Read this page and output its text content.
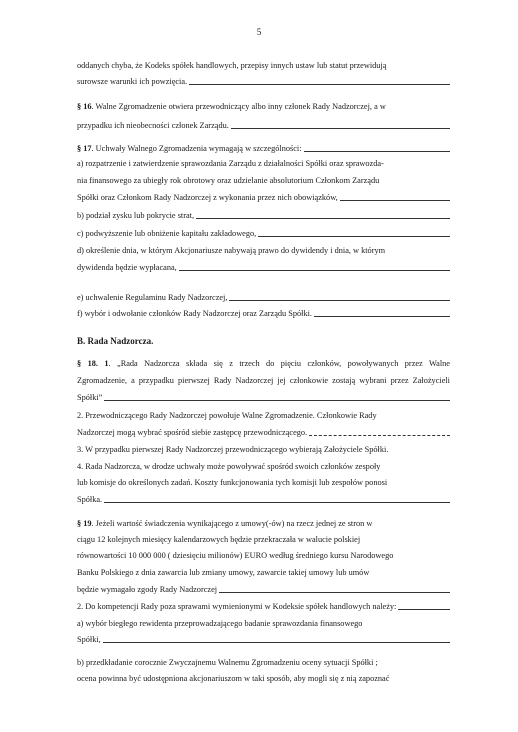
5
oddanych chyba, że Kodeks spółek handlowych, przepisy innych ustaw lub statut przewidują
surowsze warunki ich powzięcia.
§ 16. Walne Zgromadzenie otwiera przewodniczący albo inny członek Rady Nadzorczej, a w
przypadku ich nieobecności członek Zarządu.
§ 17. Uchwały Walnego Zgromadzenia wymagają w szczególności:
a) rozpatrzenie i zatwierdzenie sprawozdania Zarządu z działalności Spółki oraz sprawozda-
nia finansowego za ubiegły rok obrotowy oraz udzielanie absolutorium Członkom Zarządu
Spółki oraz Członkom Rady Nadzorczej z wykonania przez nich obowiązków,
b) podział zysku lub pokrycie strat,
c) podwyższenie lub obniżenie kapitału zakładowego,
d) określenie dnia, w którym Akcjonariusze nabywają prawo do dywidendy i dnia, w którym
dywidenda będzie wypłacana,
e) uchwalenie Regulaminu Rady Nadzorczej,
f) wybór i odwołanie członków Rady Nadzorczej oraz Zarządu Spółki.
B. Rada Nadzorcza.
§ 18. 1. „Rada Nadzorcza składa się z trzech do pięciu członków, powoływanych przez Walne
Zgromadzenie, a przypadku pierwszej Rady Nadzorczej jej członkowie zostają wybrani przez Założycieli
Spółki”
2. Przewodniczącego Rady Nadzorczej powołuje Walne Zgromadzenie. Członkowie Rady
Nadzorczej mogą wybrać spośród siebie zastępcę przewodniczącego.
3. W przypadku pierwszej Rady Nadzorczej przewodniczącego wybierają Założyciele Spółki.
4. Rada Nadzorcza, w drodze uchwały może powoływać spośród swoich członków zespoły
lub komisje do określonych zadań. Koszty funkcjonowania tych komisji lub zespołów ponosi
Spółka.
§ 19. Jeżeli wartość świadczenia wynikającego z umowy(-ów) na rzecz jednej ze stron w
ciągu 12 kolejnych miesięcy kalendarzowych będzie przekraczała w walucie polskiej
równowartości 10 000 000 ( dziesięciu milionów) EURO według średniego kursu Narodowego
Banku Polskiego z dnia zawarcia lub zmiany umowy, zawarcie takiej umowy lub umów
będzie wymagało zgody Rady Nadzorczej
2. Do kompetencji Rady poza sprawami wymienionymi w Kodeksie spółek handlowych należy:
a) wybór biegłego rewidenta przeprowadzającego badanie sprawozdania finansowego
Spółki,
b) przedkładanie corocznie Zwyczajnemu Walnemu Zgromadzeniu oceny sytuacji Spółki ;
ocena powinna być udostępniona akcjonariuszom w taki sposób, aby mogli się z nią zapoznać
